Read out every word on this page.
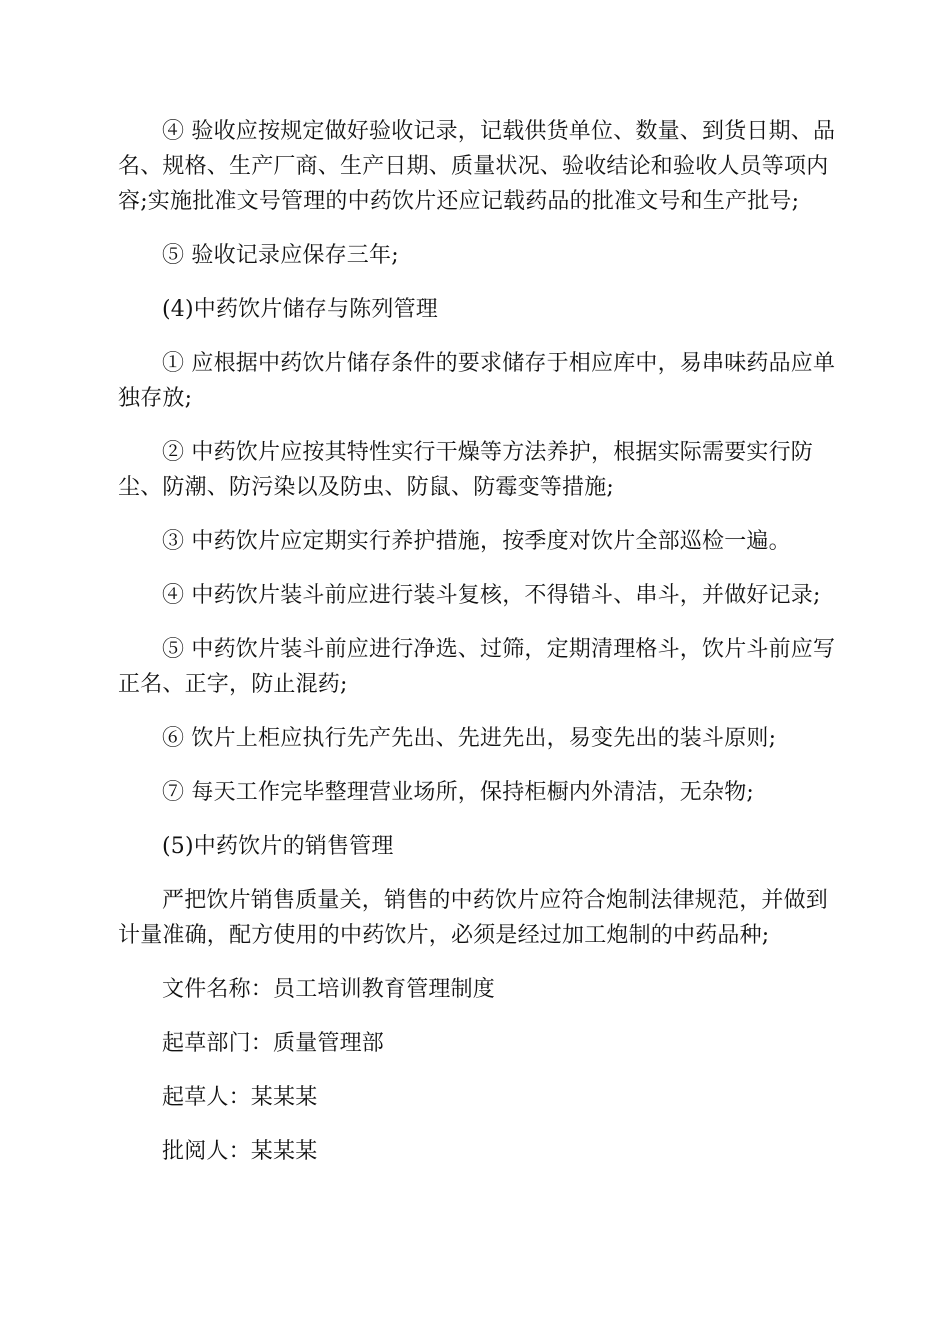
④ 验收应按规定做好验收记录，记载供货单位、数量、到货日期、品名、规格、生产厂商、生产日期、质量状况、验收结论和验收人员等项内容;实施批准文号管理的中药饮片还应记载药品的批准文号和生产批号;

⑤ 验收记录应保存三年;

(4)中药饮片储存与陈列管理

① 应根据中药饮片储存条件的要求储存于相应库中，易串味药品应单独存放;

② 中药饮片应按其特性实行干燥等方法养护，根据实际需要实行防尘、防潮、防污染以及防虫、防鼠、防霉变等措施;

③ 中药饮片应定期实行养护措施，按季度对饮片全部巡检一遍。

④ 中药饮片装斗前应进行装斗复核，不得错斗、串斗，并做好记录;

⑤ 中药饮片装斗前应进行净选、过筛，定期清理格斗，饮片斗前应写正名、正字，防止混药;

⑥ 饮片上柜应执行先产先出、先进先出，易变先出的装斗原则;

⑦ 每天工作完毕整理营业场所，保持柜橱内外清洁，无杂物;

(5)中药饮片的销售管理

严把饮片销售质量关，销售的中药饮片应符合炮制法律规范，并做到计量准确，配方使用的中药饮片，必须是经过加工炮制的中药品种;

文件名称：员工培训教育管理制度

起草部门：质量管理部

起草人：某某某

批阅人：某某某
